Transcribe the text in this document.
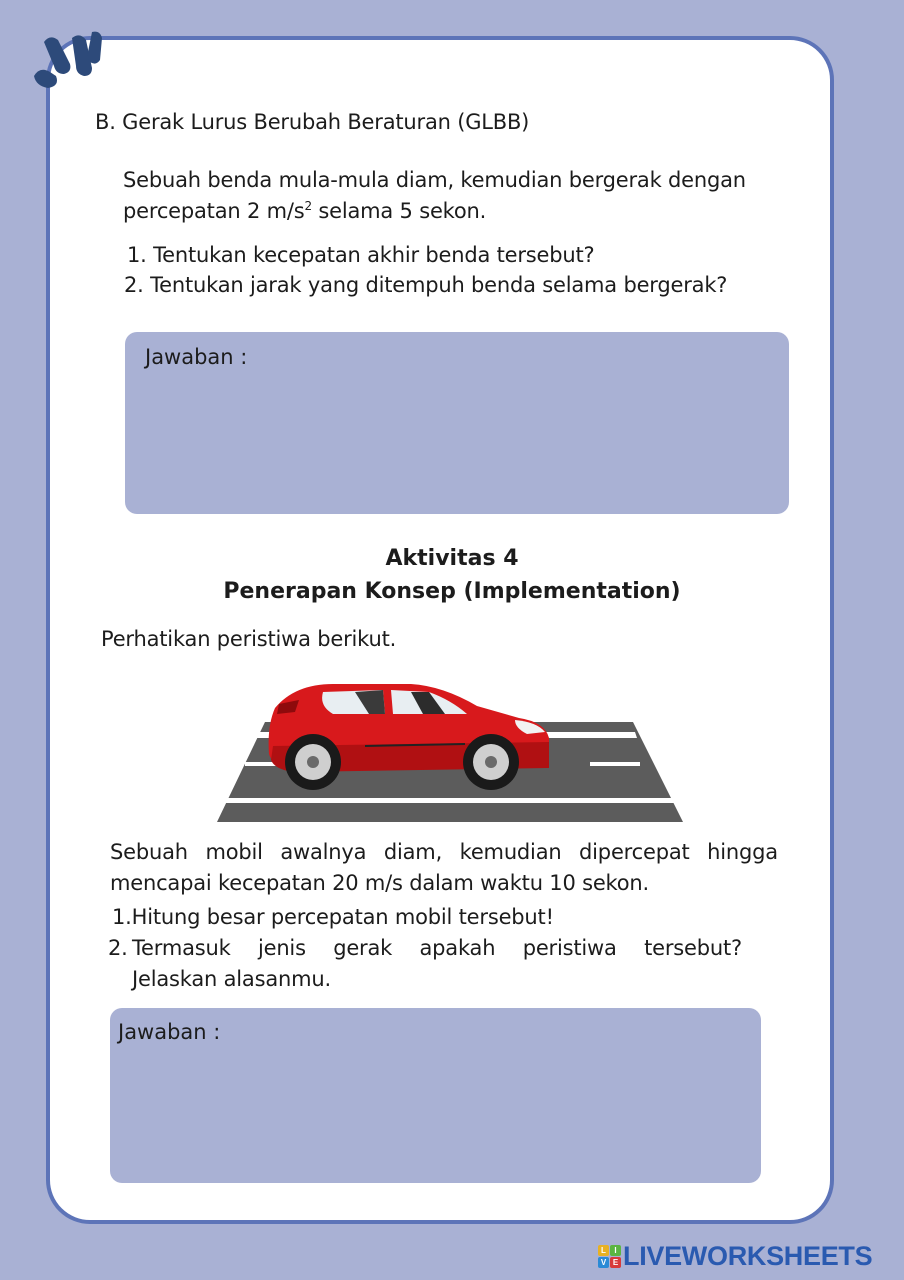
B. Gerak Lurus Berubah Beraturan (GLBB)
Sebuah benda mula-mula diam, kemudian bergerak dengan
percepatan 2 $m/s^2$ selama 5 sekon.
1. Tentukan kecepatan akhir benda tersebut?
2. Tentukan jarak yang ditempuh benda selama bergerak?
Jawaban :
Aktivitas 4
Penerapan Konsep (Implementation)
Perhatikan peristiwa berikut.
Sebuah mobil awalnya diam, kemudian dipercepat hingga
mencapai kecepatan 20 m/s dalam waktu 10 sekon.
1.Hitung besar percepatan mobil tersebut!
2. Termasuk jenis gerak apakah peristiwa tersebut?
Jelaskan alasanmu.
Jawaban :
L	I
V E LIVEWORKSHEETS
